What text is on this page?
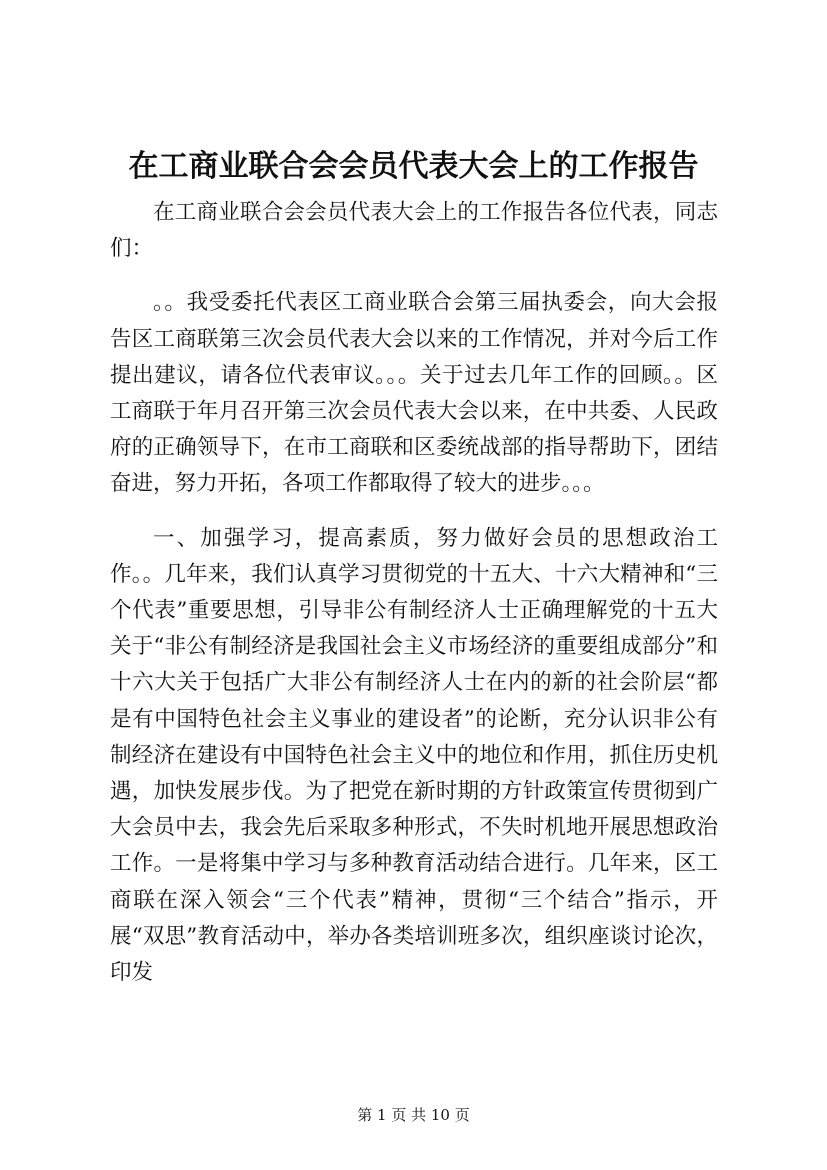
在工商业联合会会员代表大会上的工作报告

在工商业联合会会员代表大会上的工作报告各位代表，同志们：

。。我受委托代表区工商业联合会第三届执委会，向大会报告区工商联第三次会员代表大会以来的工作情况，并对今后工作提出建议，请各位代表审议。。。关于过去几年工作的回顾。。区工商联于年月召开第三次会员代表大会以来，在中共委、人民政府的正确领导下，在市工商联和区委统战部的指导帮助下，团结奋进，努力开拓，各项工作都取得了较大的进步。。。

一、加强学习，提高素质，努力做好会员的思想政治工作。。几年来，我们认真学习贯彻党的十五大、十六大精神和“三个代表”重要思想，引导非公有制经济人士正确理解党的十五大关于“非公有制经济是我国社会主义市场经济的重要组成部分”和十六大关于包括广大非公有制经济人士在内的新的社会阶层“都是有中国特色社会主义事业的建设者”的论断，充分认识非公有制经济在建设有中国特色社会主义中的地位和作用，抓住历史机遇，加快发展步伐。为了把党在新时期的方针政策宣传贯彻到广大会员中去，我会先后采取多种形式，不失时机地开展思想政治工作。一是将集中学习与多种教育活动结合进行。几年来，区工商联在深入领会“三个代表”精神，贯彻“三个结合”指示，开展“双思”教育活动中，举办各类培训班多次，组织座谈讨论次，印发

第 1 页 共 10 页
